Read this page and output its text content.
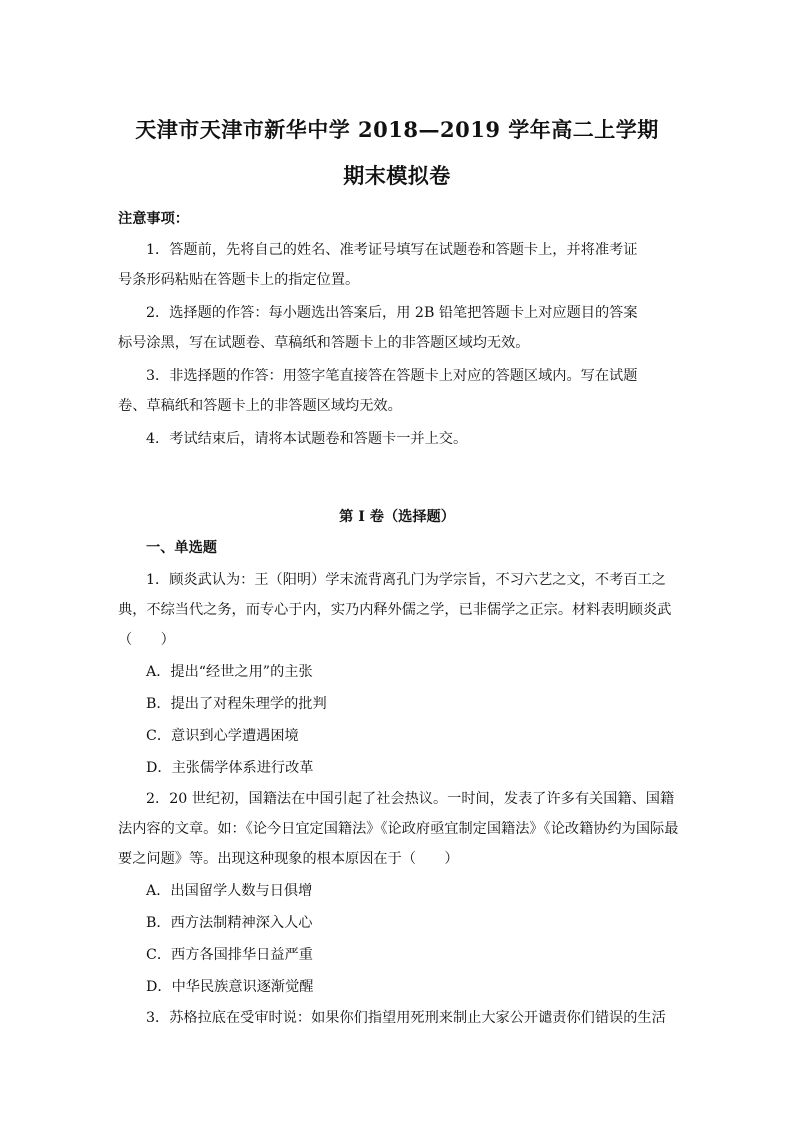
天津市天津市新华中学 2018—2019 学年高二上学期
期末模拟卷
注意事项：
1．答题前，先将自己的姓名、准考证号填写在试题卷和答题卡上，并将准考证
号条形码粘贴在答题卡上的指定位置。
2．选择题的作答：每小题选出答案后，用 2B 铅笔把答题卡上对应题目的答案
标号涂黑，写在试题卷、草稿纸和答题卡上的非答题区域均无效。
3．非选择题的作答：用签字笔直接答在答题卡上对应的答题区域内。写在试题
卷、草稿纸和答题卡上的非答题区域均无效。
4．考试结束后，请将本试题卷和答题卡一并上交。
第 I 卷（选择题）
一、单选题
1．顾炎武认为：王（阳明）学末流背离孔门为学宗旨，不习六艺之文，不考百工之
典，不综当代之务，而专心于内，实乃内释外儒之学，已非儒学之正宗。材料表明顾炎武
（　　）
A．提出“经世之用”的主张
B．提出了对程朱理学的批判
C．意识到心学遭遇困境
D．主张儒学体系进行改革
2．20 世纪初，国籍法在中国引起了社会热议。一时间，发表了许多有关国籍、国籍
法内容的文章。如：《论今日宜定国籍法》《论政府亟宜制定国籍法》《论改籍协约为国际最
要之问题》等。出现这种现象的根本原因在于（　　）
A．出国留学人数与日俱增
B．西方法制精神深入人心
C．西方各国排华日益严重
D．中华民族意识逐渐觉醒
3．苏格拉底在受审时说：如果你们指望用死刑来制止大家公开谴责你们错误的生活
